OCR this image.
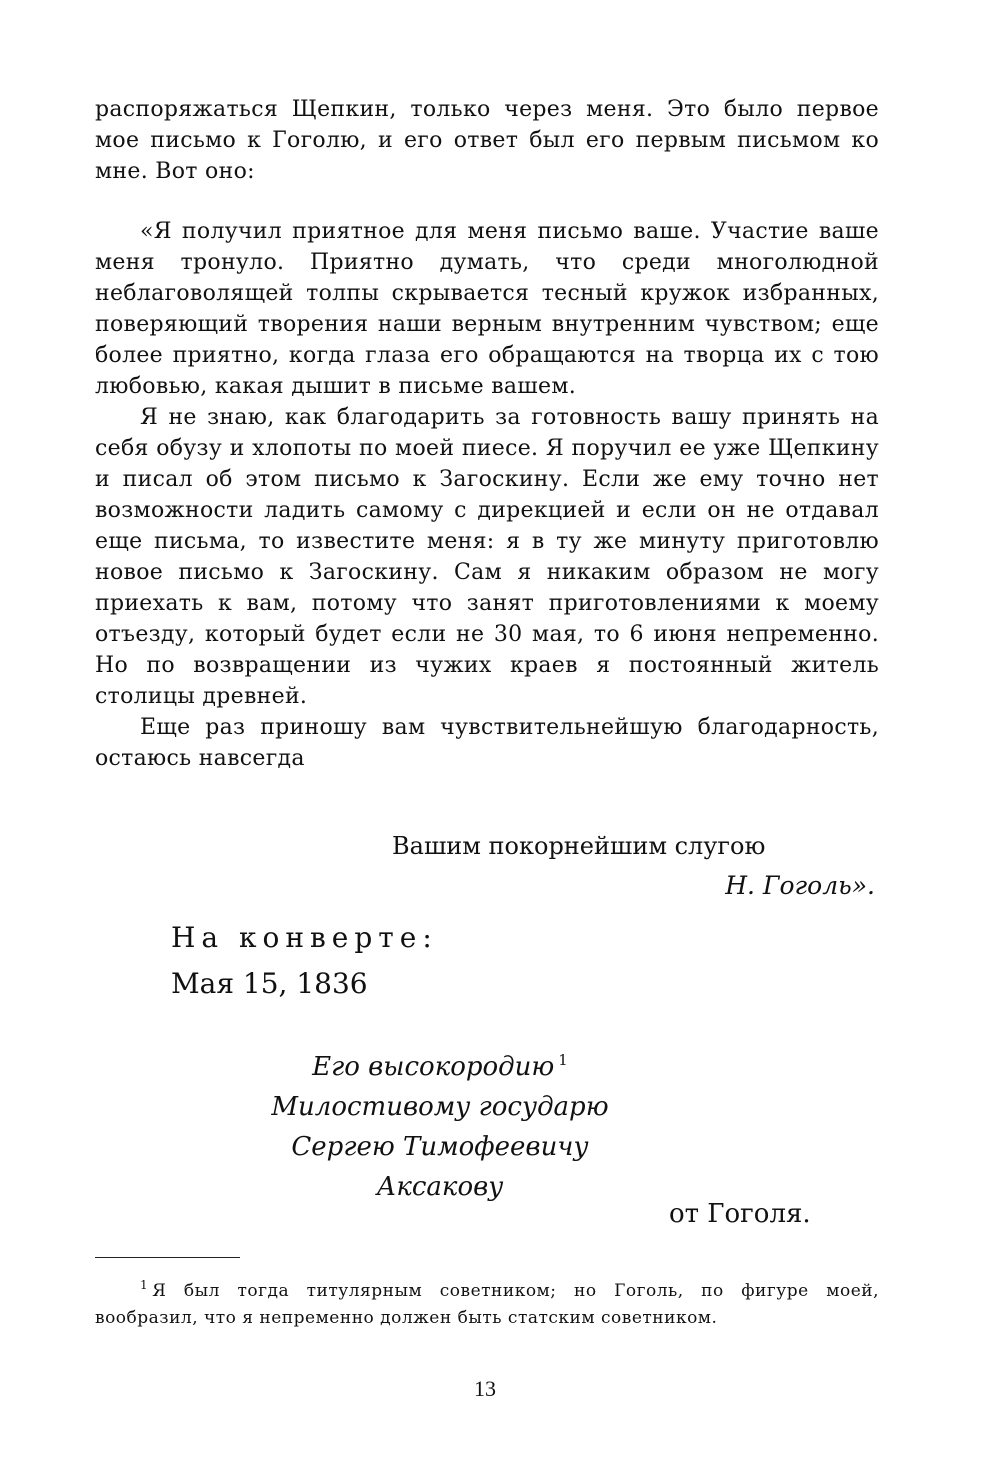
распоряжаться Щепкин, только через меня. Это было первое мое письмо к Гоголю, и его ответ был его первым письмом ко мне. Вот оно:

«Я получил приятное для меня письмо ваше. Участие ваше меня тронуло. Приятно думать, что среди многолюдной неблаговолящей толпы скрывается тесный кружок избранных, поверяющий творения наши верным внутренним чувством; еще более приятно, когда глаза его обращаются на творца их с тою любовью, какая дышит в письме вашем.

Я не знаю, как благодарить за готовность вашу принять на себя обузу и хлопоты по моей пиесе. Я поручил ее уже Щепкину и писал об этом письмо к Загоскину. Если же ему точно нет возможности ладить самому с дирекцией и если он не отдавал еще письма, то известите меня: я в ту же минуту приготовлю новое письмо к Загоскину. Сам я никаким образом не могу приехать к вам, потому что занят приготовлениями к моему отъезду, который будет если не 30 мая, то 6 июня непременно. Но по возвращении из чужих краев я постоянный житель столицы древней.

Еще раз приношу вам чувствительнейшую благодарность, остаюсь навсегда

Вашим покорнейшим слугою
Н. Гоголь».
На конверте:
Мая 15, 1836
Его высокородию $^1$
Милостивому государю
Сергею Тимофеевичу
Аксакову
от Гоголя.
$^1$ Я был тогда титулярным советником; но Гоголь, по фигуре моей, вообразил, что я непременно должен быть статским советником.
13
